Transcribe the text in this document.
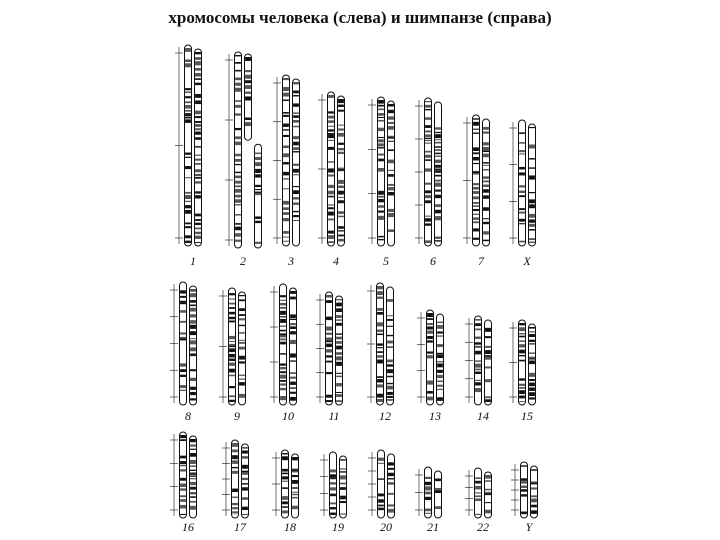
хромосомы человека (слева) и шимпанзе (справа)
1	2	3	4	5	6	7	X
8	9	10	11	12	13	14	15
16	17	18	19	20	21	22	Y
